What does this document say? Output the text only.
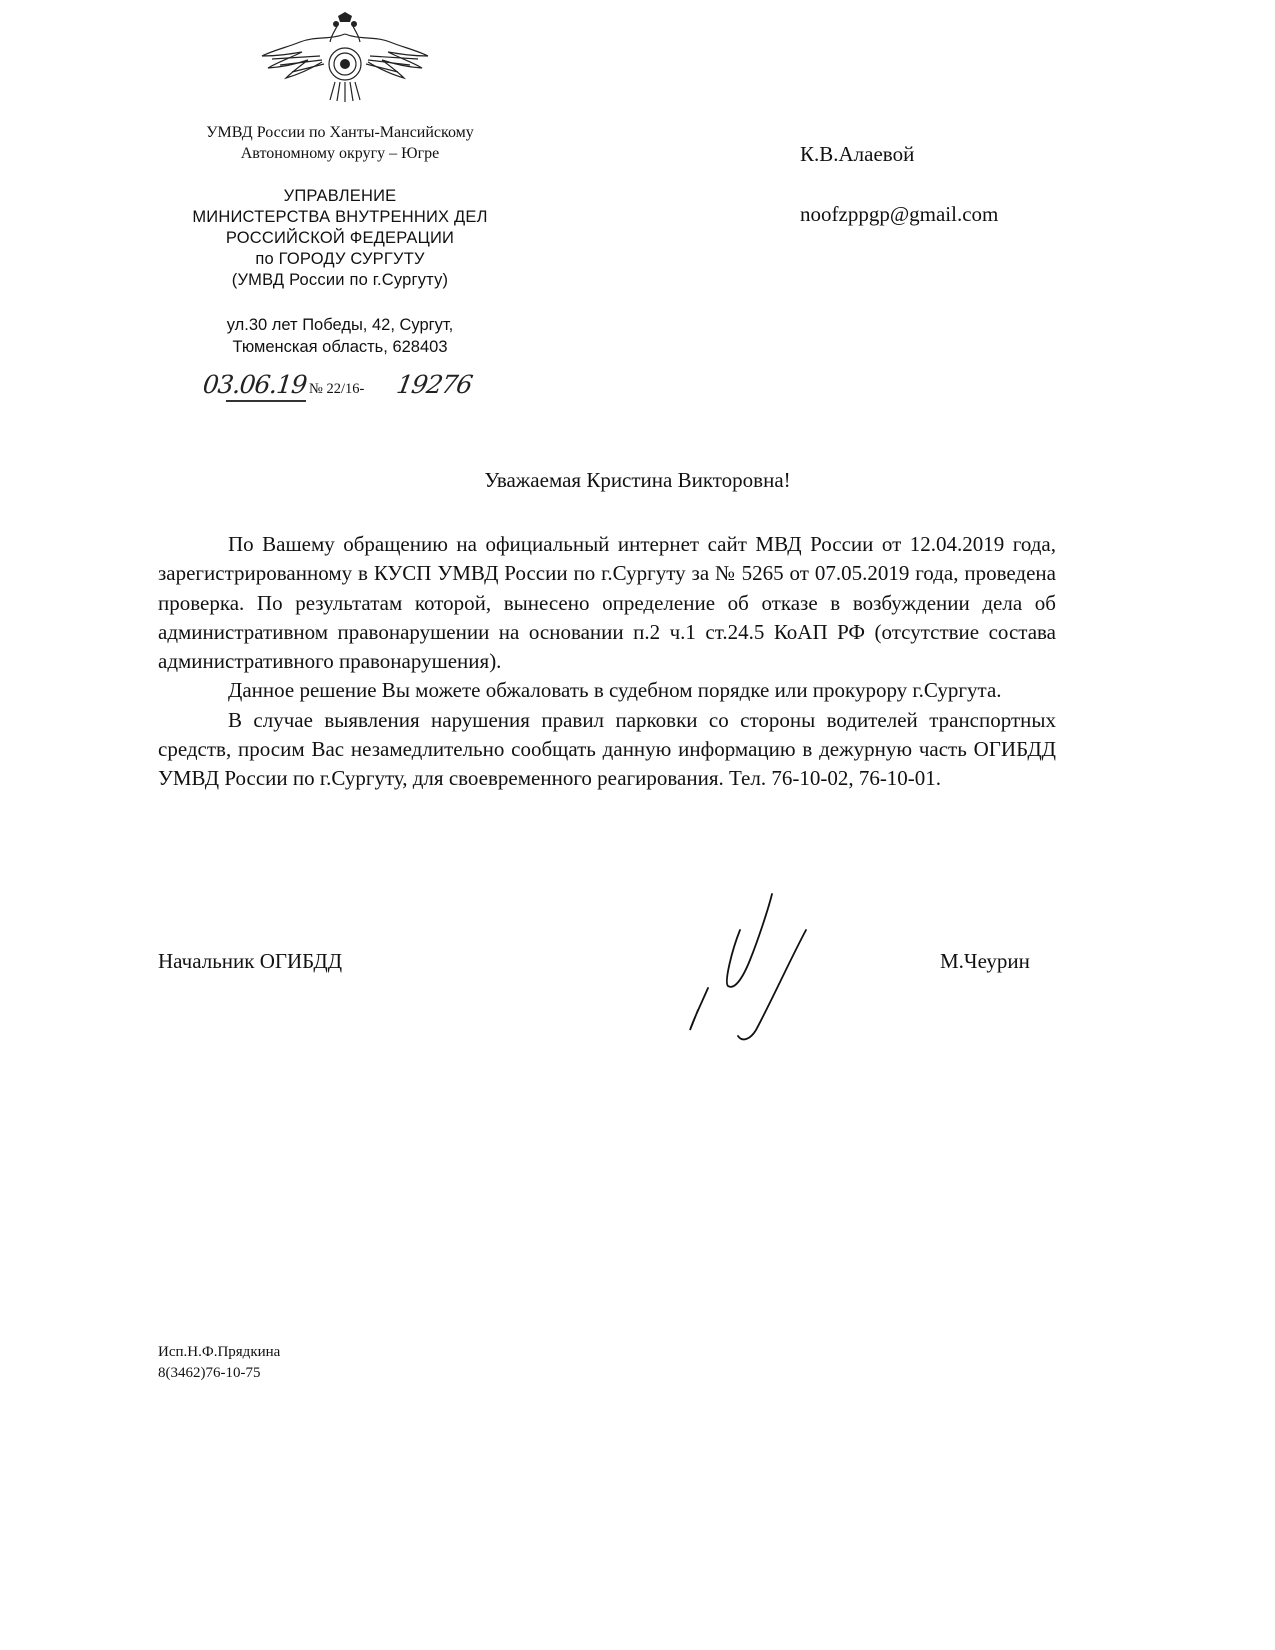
УМВД России по Ханты-Мансийскому
Автономному округу – Югре
УПРАВЛЕНИЕ
МИНИСТЕРСТВА ВНУТРЕННИХ ДЕЛ
РОССИЙСКОЙ ФЕДЕРАЦИИ
по ГОРОДУ СУРГУТУ
(УМВД России по г.Сургуту)
ул.30 лет Победы, 42, Сургут,
Тюменская область, 628403
03.06.19 № 22/16- 19276
К.В.Алаевой
noofzppgp@gmail.com
Уважаемая Кристина Викторовна!

По Вашему обращению на официальный интернет сайт МВД России от 12.04.2019 года, зарегистрированному в КУСП УМВД России по г.Сургуту за № 5265 от 07.05.2019 года, проведена проверка. По результатам которой, вынесено определение об отказе в возбуждении дела об административном правонарушении на основании п.2 ч.1 ст.24.5 КоАП РФ (отсутствие состава административного правонарушения).

Данное решение Вы можете обжаловать в судебном порядке или прокурору г.Сургута.

В случае выявления нарушения правил парковки со стороны водителей транспортных средств, просим Вас незамедлительно сообщать данную информацию в дежурную часть ОГИБДД УМВД России по г.Сургуту, для своевременного реагирования. Тел. 76-10-02, 76-10-01.

Начальник ОГИБДД	М.Чеурин
Исп.Н.Ф.Прядкина
8(3462)76-10-75
